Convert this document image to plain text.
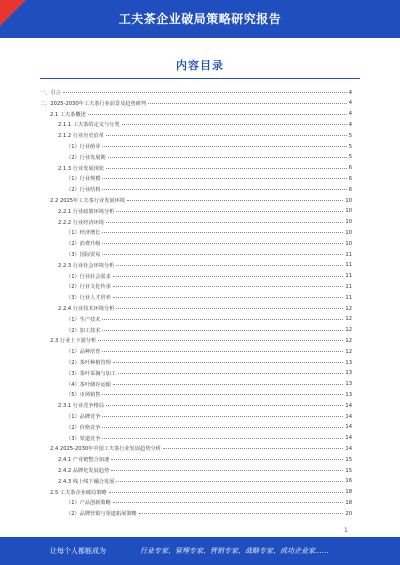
工夫茶企业破局策略研究报告
内容目录
一、引言	4
二、2025-2030年工夫茶行业前景及趋势研判	4
2.1 工夫茶概述	4
2.1.1 工夫茶的定义与分类	4
2.1.2 行业历史沿革	5
（1）行业萌芽	5
（2）行业发展期	5
2.1.3 行业发展现状	6
（1）行业规模	6
（2）行业结构	6
2.2 2025年工夫茶行业发展环境	10
2.2.1 行业政策环境分析	10
2.2.2 行业经济环境	10
（1）经济增长	10
（2）消费升级	10
（3）国际贸易	11
2.2.3 行业社会环境分析	11
（1）行业社会需求	11
（2）行业文化传承	11
（3）行业人才培养	11
2.2.4 行业技术环境分析	12
（1）生产技术	12
（2）加工技术	12
2.3 行业上下游分析	12
（1）品种培育	12
（2）茶叶种植管理	13
（3）茶叶采摘与加工	13
（4）茶叶储存运输	13
（5）市场销售	13
2.3.1 行业竞争格局	14
（1）品牌竞争	14
（2）价格竞争	14
（3）渠道竞争	14
2.4 2025-2030年中国工夫茶行业发展趋势分析	14
2.4.1 产业链整合加速	15
2.4.2 品牌化发展趋势	15
2.4.3 线上线下融合发展	16
2.5 工夫茶企业破局策略	18
（1）产品创新策略	18
（2）品牌营销与渠道拓展策略	20
1
让每个人都能成为	行业专家、管理专家、营销专家、战略专家、成功企业家……
